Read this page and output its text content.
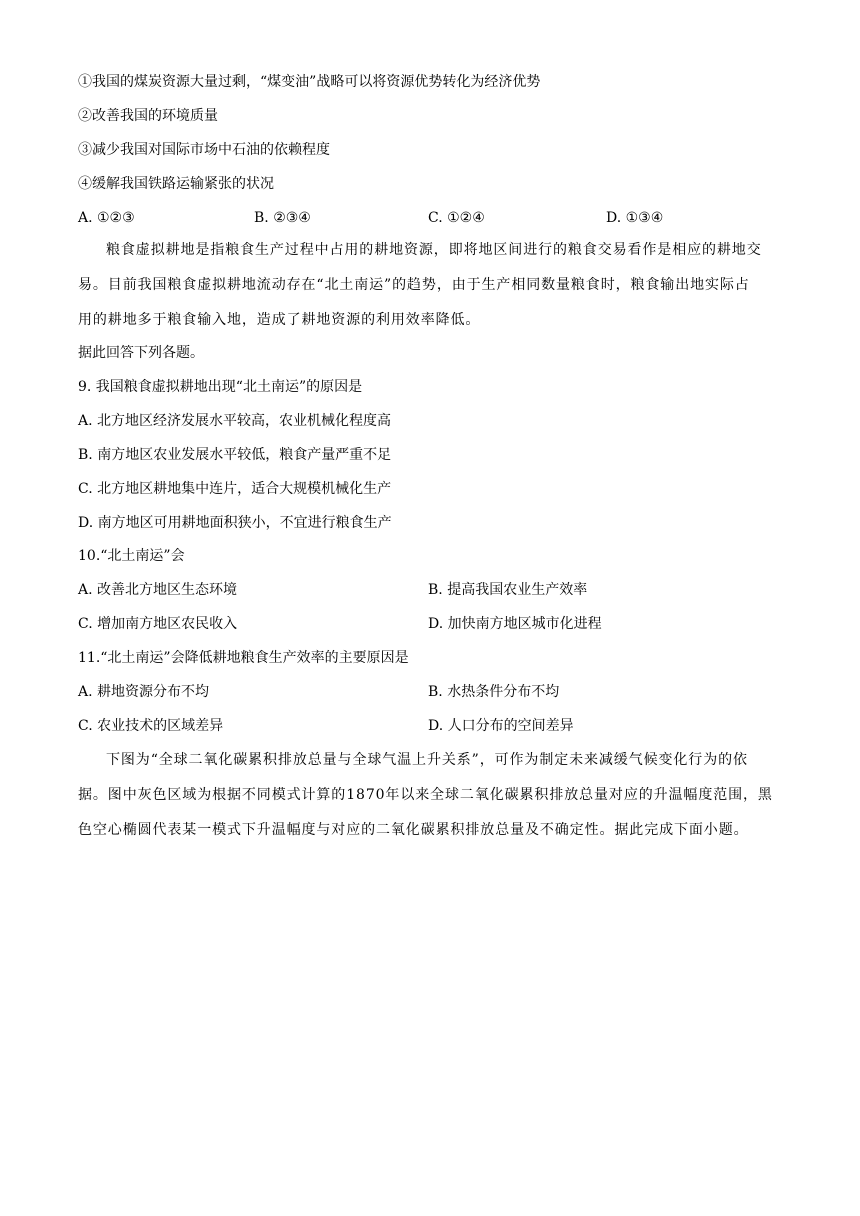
①我国的煤炭资源大量过剩，“煤变油”战略可以将资源优势转化为经济优势
②改善我国的环境质量
③减少我国对国际市场中石油的依赖程度
④缓解我国铁路运输紧张的状况
A. ①②③	B. ②③④	C. ①②④	D. ①③④
粮食虚拟耕地是指粮食生产过程中占用的耕地资源，即将地区间进行的粮食交易看作是相应的耕地交
易。目前我国粮食虚拟耕地流动存在“北土南运”的趋势，由于生产相同数量粮食时，粮食输出地实际占
用的耕地多于粮食输入地，造成了耕地资源的利用效率降低。
据此回答下列各题。
9. 我国粮食虚拟耕地出现“北土南运”的原因是
A. 北方地区经济发展水平较高，农业机械化程度高
B. 南方地区农业发展水平较低，粮食产量严重不足
C. 北方地区耕地集中连片，适合大规模机械化生产
D. 南方地区可用耕地面积狭小，不宜进行粮食生产
10.“北土南运”会
A. 改善北方地区生态环境	B. 提高我国农业生产效率
C. 增加南方地区农民收入	D. 加快南方地区城市化进程
11.“北土南运”会降低耕地粮食生产效率的主要原因是
A. 耕地资源分布不均	B. 水热条件分布不均
C. 农业技术的区域差异	D. 人口分布的空间差异
下图为“全球二氧化碳累积排放总量与全球气温上升关系”，可作为制定未来减缓气候变化行为的依
据。图中灰色区域为根据不同模式计算的1870年以来全球二氧化碳累积排放总量对应的升温幅度范围，黑
色空心椭圆代表某一模式下升温幅度与对应的二氧化碳累积排放总量及不确定性。据此完成下面小题。
